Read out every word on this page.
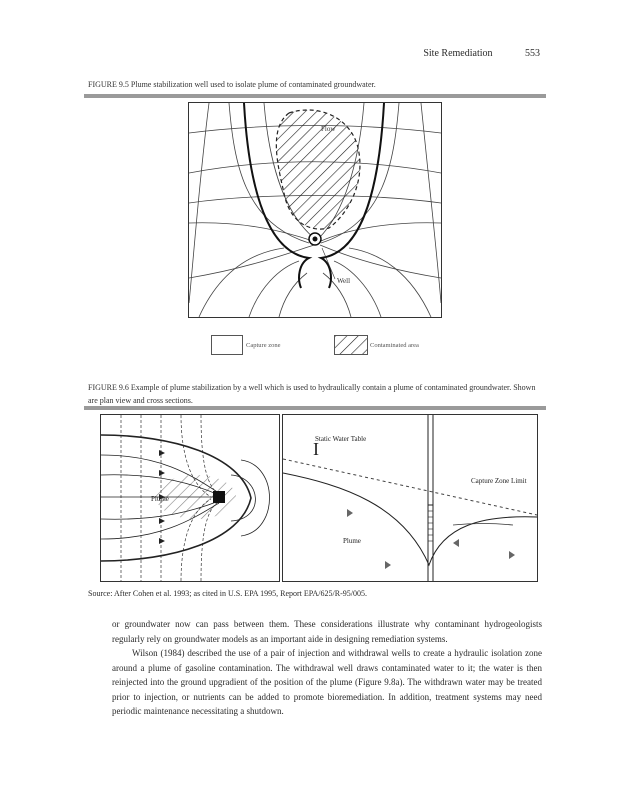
Site Remediation	553
FIGURE 9.5 Plume stabilization well used to isolate plume of contaminated groundwater.
Flow
Well
Capture zone	Contaminated area
FIGURE 9.6 Example of plume stabilization by a well which is used to hydraulically contain a plume of contaminated groundwater. Shown are plan view and cross sections.
Plume
Static Water Table
I
Capture Zone Limit
Plume
Source: After Cohen et al. 1993; as cited in U.S. EPA 1995, Report EPA/625/R-95/005.

or groundwater now can pass between them. These considerations illustrate why contaminant hydrogeologists regularly rely on groundwater models as an important aide in designing remediation systems.

Wilson (1984) described the use of a pair of injection and withdrawal wells to create a hydraulic isolation zone around a plume of gasoline contamination. The withdrawal well draws contaminated water to it; the water is then reinjected into the ground upgradient of the position of the plume (Figure 9.8a). The withdrawn water may be treated prior to injection, or nutrients can be added to promote bioremediation. In addition, treatment systems may need periodic maintenance necessitating a shutdown.
